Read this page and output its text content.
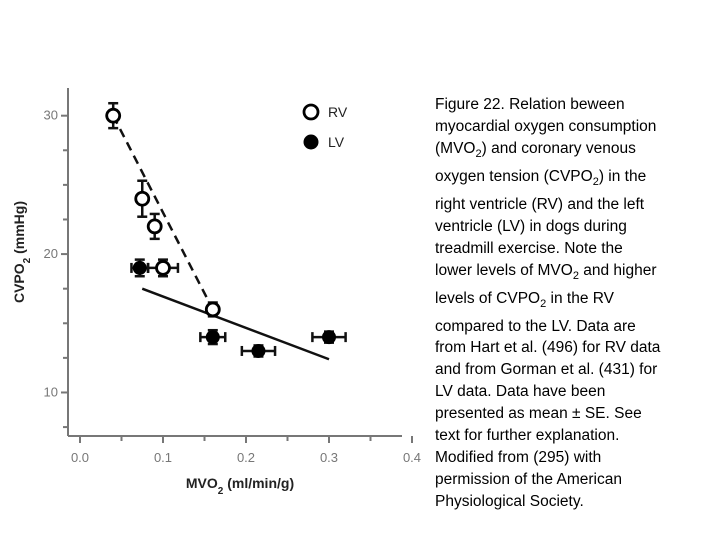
10
20
30
0.0	0.1	0.2	0.3	0.4
RV
LV
$MVO_2$ (ml/min/g)
$CVPO_2$ (mmHg)

Figure 22. Relation beween

myocardial oxygen consumption

$(MVO_2)$ and coronary venous

oxygen tension $(CVPO_2)$ in the

right ventricle (RV) and the left

ventricle (LV) in dogs during

treadmill exercise. Note the

lower levels of $MVO_2$ and higher

levels of $CVPO_2$ in the RV

compared to the LV. Data are

from Hart et al. (496) for RV data

and from Gorman et al. (431) for

LV data. Data have been

presented as mean ± SE. See

text for further explanation.

Modified from (295) with

permission of the American

Physiological Society.
